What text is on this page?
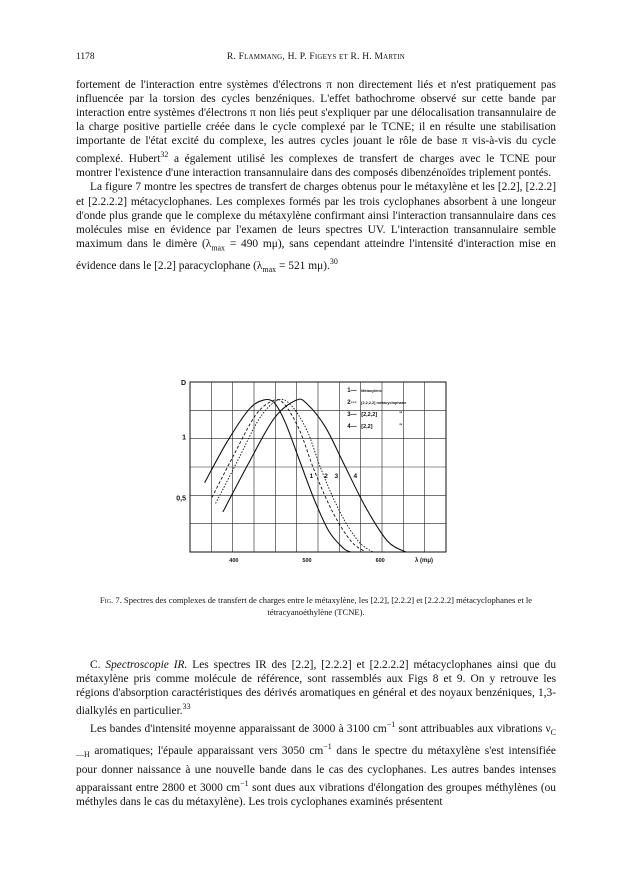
1178	R. Flammang, H. P. Figeys et R. H. Martin

fortement de l'interaction entre systèmes d'électrons π non directement liés et n'est pratiquement pas influencée par la torsion des cycles benzéniques. L'effet bathochrome observé sur cette bande par interaction entre systèmes d'électrons π non liés peut s'expliquer par une délocalisation transannulaire de la charge positive partielle créée dans le cycle complexé par le TCNE; il en résulte une stabilisation importante de l'état excité du complexe, les autres cycles jouant le rôle de base π vis-à-vis du cycle complexé. Hubert$^{32}$ a également utilisé les complexes de transfert de charges avec le TCNE pour montrer l'existence d'une interaction transannulaire dans des composés dibenzénoïdes triplement pontés.

La figure 7 montre les spectres de transfert de charges obtenus pour le métaxylène et les [2.2], [2.2.2] et [2.2.2.2] métacyclophanes. Les complexes formés par les trois cyclophanes absorbent à une longeur d'onde plus grande que le complexe du métaxylène confirmant ainsi l'interaction transannulaire dans ces molécules mise en évidence par l'examen de leurs spectres UV. L'interaction transannulaire semble maximum dans le dimère ($\lambda_{max} = 490$ mμ), sans cependant atteindre l'intensité d'interaction mise en évidence dans le [2.2] paracyclophane ($\lambda_{max} = 521$ mμ).$^{30}$

D
1
0,5
400	500	600	λ (mμ)
1 2 3 4
1— Métaxylène
2--- [2,2,2,2] métacyclophane
3— [2,2,2]	"
4— [2,2]	"
Fig. 7. Spectres des complexes de transfert de charges entre le métaxylène, les [2.2], [2.2.2] et [2.2.2.2] métacyclophanes et le tétracyanoéthylène (TCNE).

C. Spectroscopie IR. Les spectres IR des [2.2], [2.2.2] et [2.2.2.2] métacyclophanes ainsi que du métaxylène pris comme molécule de référence, sont rassemblés aux Figs 8 et 9. On y retrouve les régions d'absorption caractéristiques des dérivés aromatiques en général et des noyaux benzéniques, 1,3-dialkylés en particulier.$^{33}$

Les bandes d'intensité moyenne apparaissant de 3000 à 3100 $cm^{-1}$ sont attribuables aux vibrations $\nu_{C—H}$ aromatiques; l'épaule apparaissant vers 3050 $cm^{-1}$ dans le spectre du métaxylène s'est intensifiée pour donner naissance à une nouvelle bande dans le cas des cyclophanes. Les autres bandes intenses apparaissant entre 2800 et 3000 $cm^{-1}$ sont dues aux vibrations d'élongation des groupes méthylènes (ou méthyles dans le cas du métaxylène). Les trois cyclophanes examinés présentent
